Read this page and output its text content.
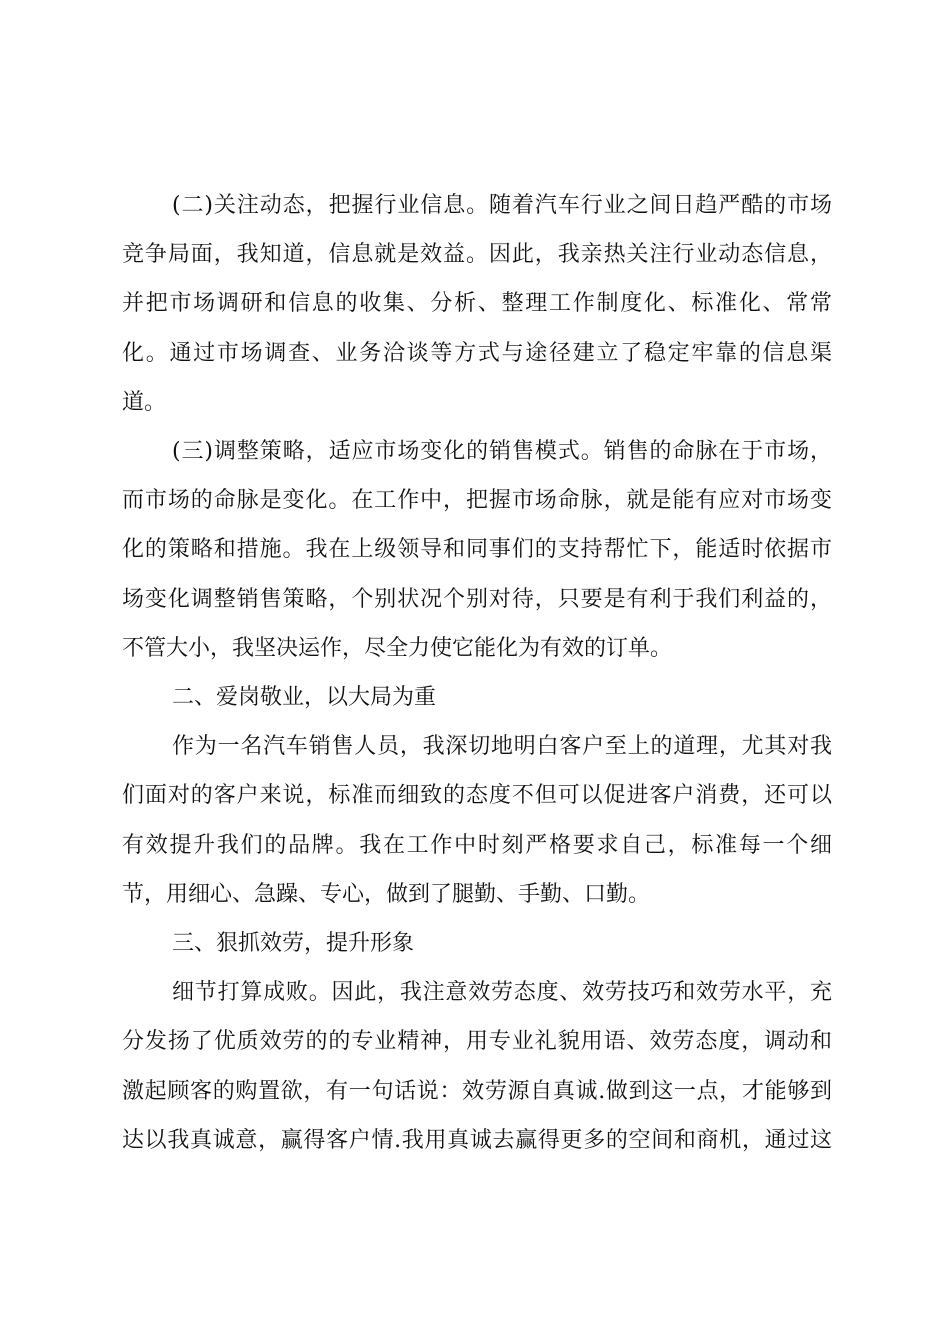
(二)关注动态，把握行业信息。随着汽车行业之间日趋严酷的市场
竞争局面，我知道，信息就是效益。因此，我亲热关注行业动态信息，
并把市场调研和信息的收集、分析、整理工作制度化、标准化、常常
化。通过市场调查、业务洽谈等方式与途径建立了稳定牢靠的信息渠
道。
(三)调整策略，适应市场变化的销售模式。销售的命脉在于市场，
而市场的命脉是变化。在工作中，把握市场命脉，就是能有应对市场变
化的策略和措施。我在上级领导和同事们的支持帮忙下，能适时依据市
场变化调整销售策略，个别状况个别对待，只要是有利于我们利益的，
不管大小，我坚决运作，尽全力使它能化为有效的订单。
二、爱岗敬业，以大局为重
作为一名汽车销售人员，我深切地明白客户至上的道理，尤其对我
们面对的客户来说，标准而细致的态度不但可以促进客户消费，还可以
有效提升我们的品牌。我在工作中时刻严格要求自己，标准每一个细
节，用细心、急躁、专心，做到了腿勤、手勤、口勤。
三、狠抓效劳，提升形象
细节打算成败。因此，我注意效劳态度、效劳技巧和效劳水平，充
分发扬了优质效劳的的专业精神，用专业礼貌用语、效劳态度，调动和
激起顾客的购置欲，有一句话说：效劳源自真诚.做到这一点，才能够到
达以我真诚意，赢得客户情.我用真诚去赢得更多的空间和商机，通过这
